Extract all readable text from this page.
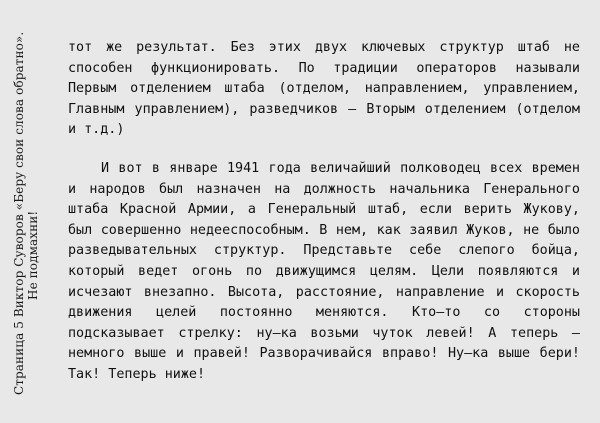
Страница 5 Виктор Суворов «Беру свои слова обратно». Не подмахни!

тот же результат. Без этих двух ключевых структур штаб не способен функционировать. По традиции операторов называли Первым отделением штаба (отделом, направлением, управлением, Главным управлением), разведчиков — Вторым отделением (отделом и т.д.)

И вот в январе 1941 года величайший полководец всех времен и народов был назначен на должность начальника Генерального штаба Красной Армии, а Генеральный штаб, если верить Жукову, был совершенно недееспособным. В нем, как заявил Жуков, не было разведывательных структур. Представьте себе слепого бойца, который ведет огонь по движущимся целям. Цели появляются и исчезают внезапно. Высота, расстояние, направление и скорость движения целей постоянно меняются. Кто—то со стороны подсказывает стрелку: ну—ка возьми чуток левей! А теперь — немного выше и правей! Разворачивайся вправо! Ну—ка выше бери! Так! Теперь ниже!
